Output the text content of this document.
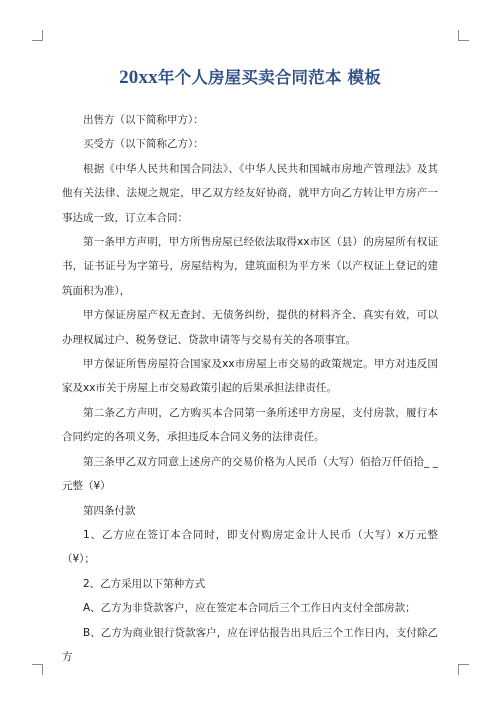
20xx年个人房屋买卖合同范本 模板

出售方（以下简称甲方）：

买受方（以下简称乙方）：

根据《中华人民共和国合同法》、《中华人民共和国城市房地产管理法》及其他有关法律、法规之规定，甲乙双方经友好协商，就甲方向乙方转让甲方房产一事达成一致，订立本合同：

第一条甲方声明，甲方所售房屋已经依法取得xx市区（县）的房屋所有权证书，证书证号为字第号，房屋结构为，建筑面积为平方米（以产权证上登记的建筑面积为准），

甲方保证房屋产权无查封、无债务纠纷，提供的材料齐全、真实有效，可以办理权属过户、税务登记、贷款申请等与交易有关的各项事宜。

甲方保证所售房屋符合国家及xx市房屋上市交易的政策规定。甲方对违反国家及xx市关于房屋上市交易政策引起的后果承担法律责任。

第二条乙方声明，乙方购买本合同第一条所述甲方房屋，支付房款，履行本合同约定的各项义务，承担违反本合同义务的法律责任。

第三条甲乙双方同意上述房产的交易价格为人民币（大写）佰拾万仟佰拾_ _元整（¥）

第四条付款

1、乙方应在签订本合同时，即支付购房定金计人民币（大写）x万元整（¥）；

2、乙方采用以下第种方式

A、乙方为非贷款客户，应在签定本合同后三个工作日内支付全部房款；

B、乙方为商业银行贷款客户，应在评估报告出具后三个工作日内，支付除乙方
